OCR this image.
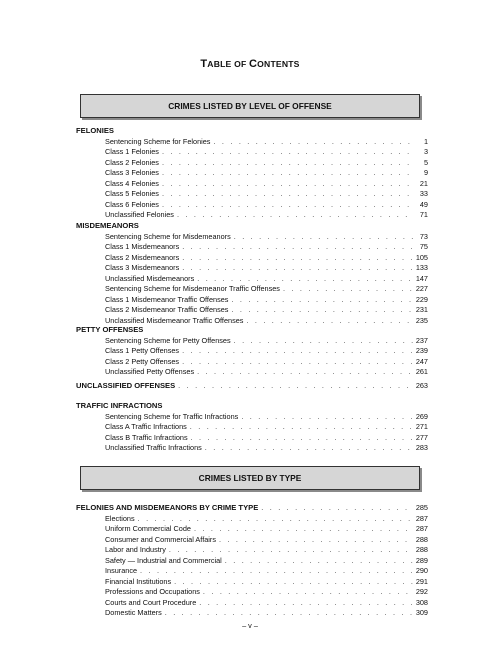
TABLE OF CONTENTS
CRIMES LISTED BY LEVEL OF OFFENSE
FELONIES
Sentencing Scheme for Felonies . . .	1
Class 1 Felonies . . .	3
Class 2 Felonies . . .	5
Class 3 Felonies . . .	9
Class 4 Felonies . . .	21
Class 5 Felonies . . .	33
Class 6 Felonies . . .	49
Unclassified Felonies . . .	71
MISDEMEANORS
Sentencing Scheme for Misdemeanors . . .	73
Class 1 Misdemeanors . . .	75
Class 2 Misdemeanors . . .	105
Class 3 Misdemeanors . . .	133
Unclassified Misdemeanors . . .	147
Sentencing Scheme for Misdemeanor Traffic Offenses . . .	227
Class 1 Misdemeanor Traffic Offenses . . .	229
Class 2 Misdemeanor Traffic Offenses . . .	231
Unclassified Misdemeanor Traffic Offenses . . .	235
PETTY OFFENSES
Sentencing Scheme for Petty Offenses . . .	237
Class 1 Petty Offenses . . .	239
Class 2 Petty Offenses . . .	247
Unclassified Petty Offenses . . .	261
UNCLASSIFIED OFFENSES . . .	263
TRAFFIC INFRACTIONS
Sentencing Scheme for Traffic Infractions . . .	269
Class A Traffic Infractions . . .	271
Class B Traffic Infractions . . .	277
Unclassified Traffic Infractions . . .	283
CRIMES LISTED BY TYPE
FELONIES AND MISDEMEANORS BY CRIME TYPE . . .	285
Elections . . .	287
Uniform Commercial Code . . .	287
Consumer and Commercial Affairs . . .	288
Labor and Industry . . .	288
Safety — Industrial and Commercial . . .	289
Insurance . . .	290
Financial Institutions . . .	291
Professions and Occupations . . .	292
Courts and Court Procedure . . .	308
Domestic Matters . . .	309
– v –
